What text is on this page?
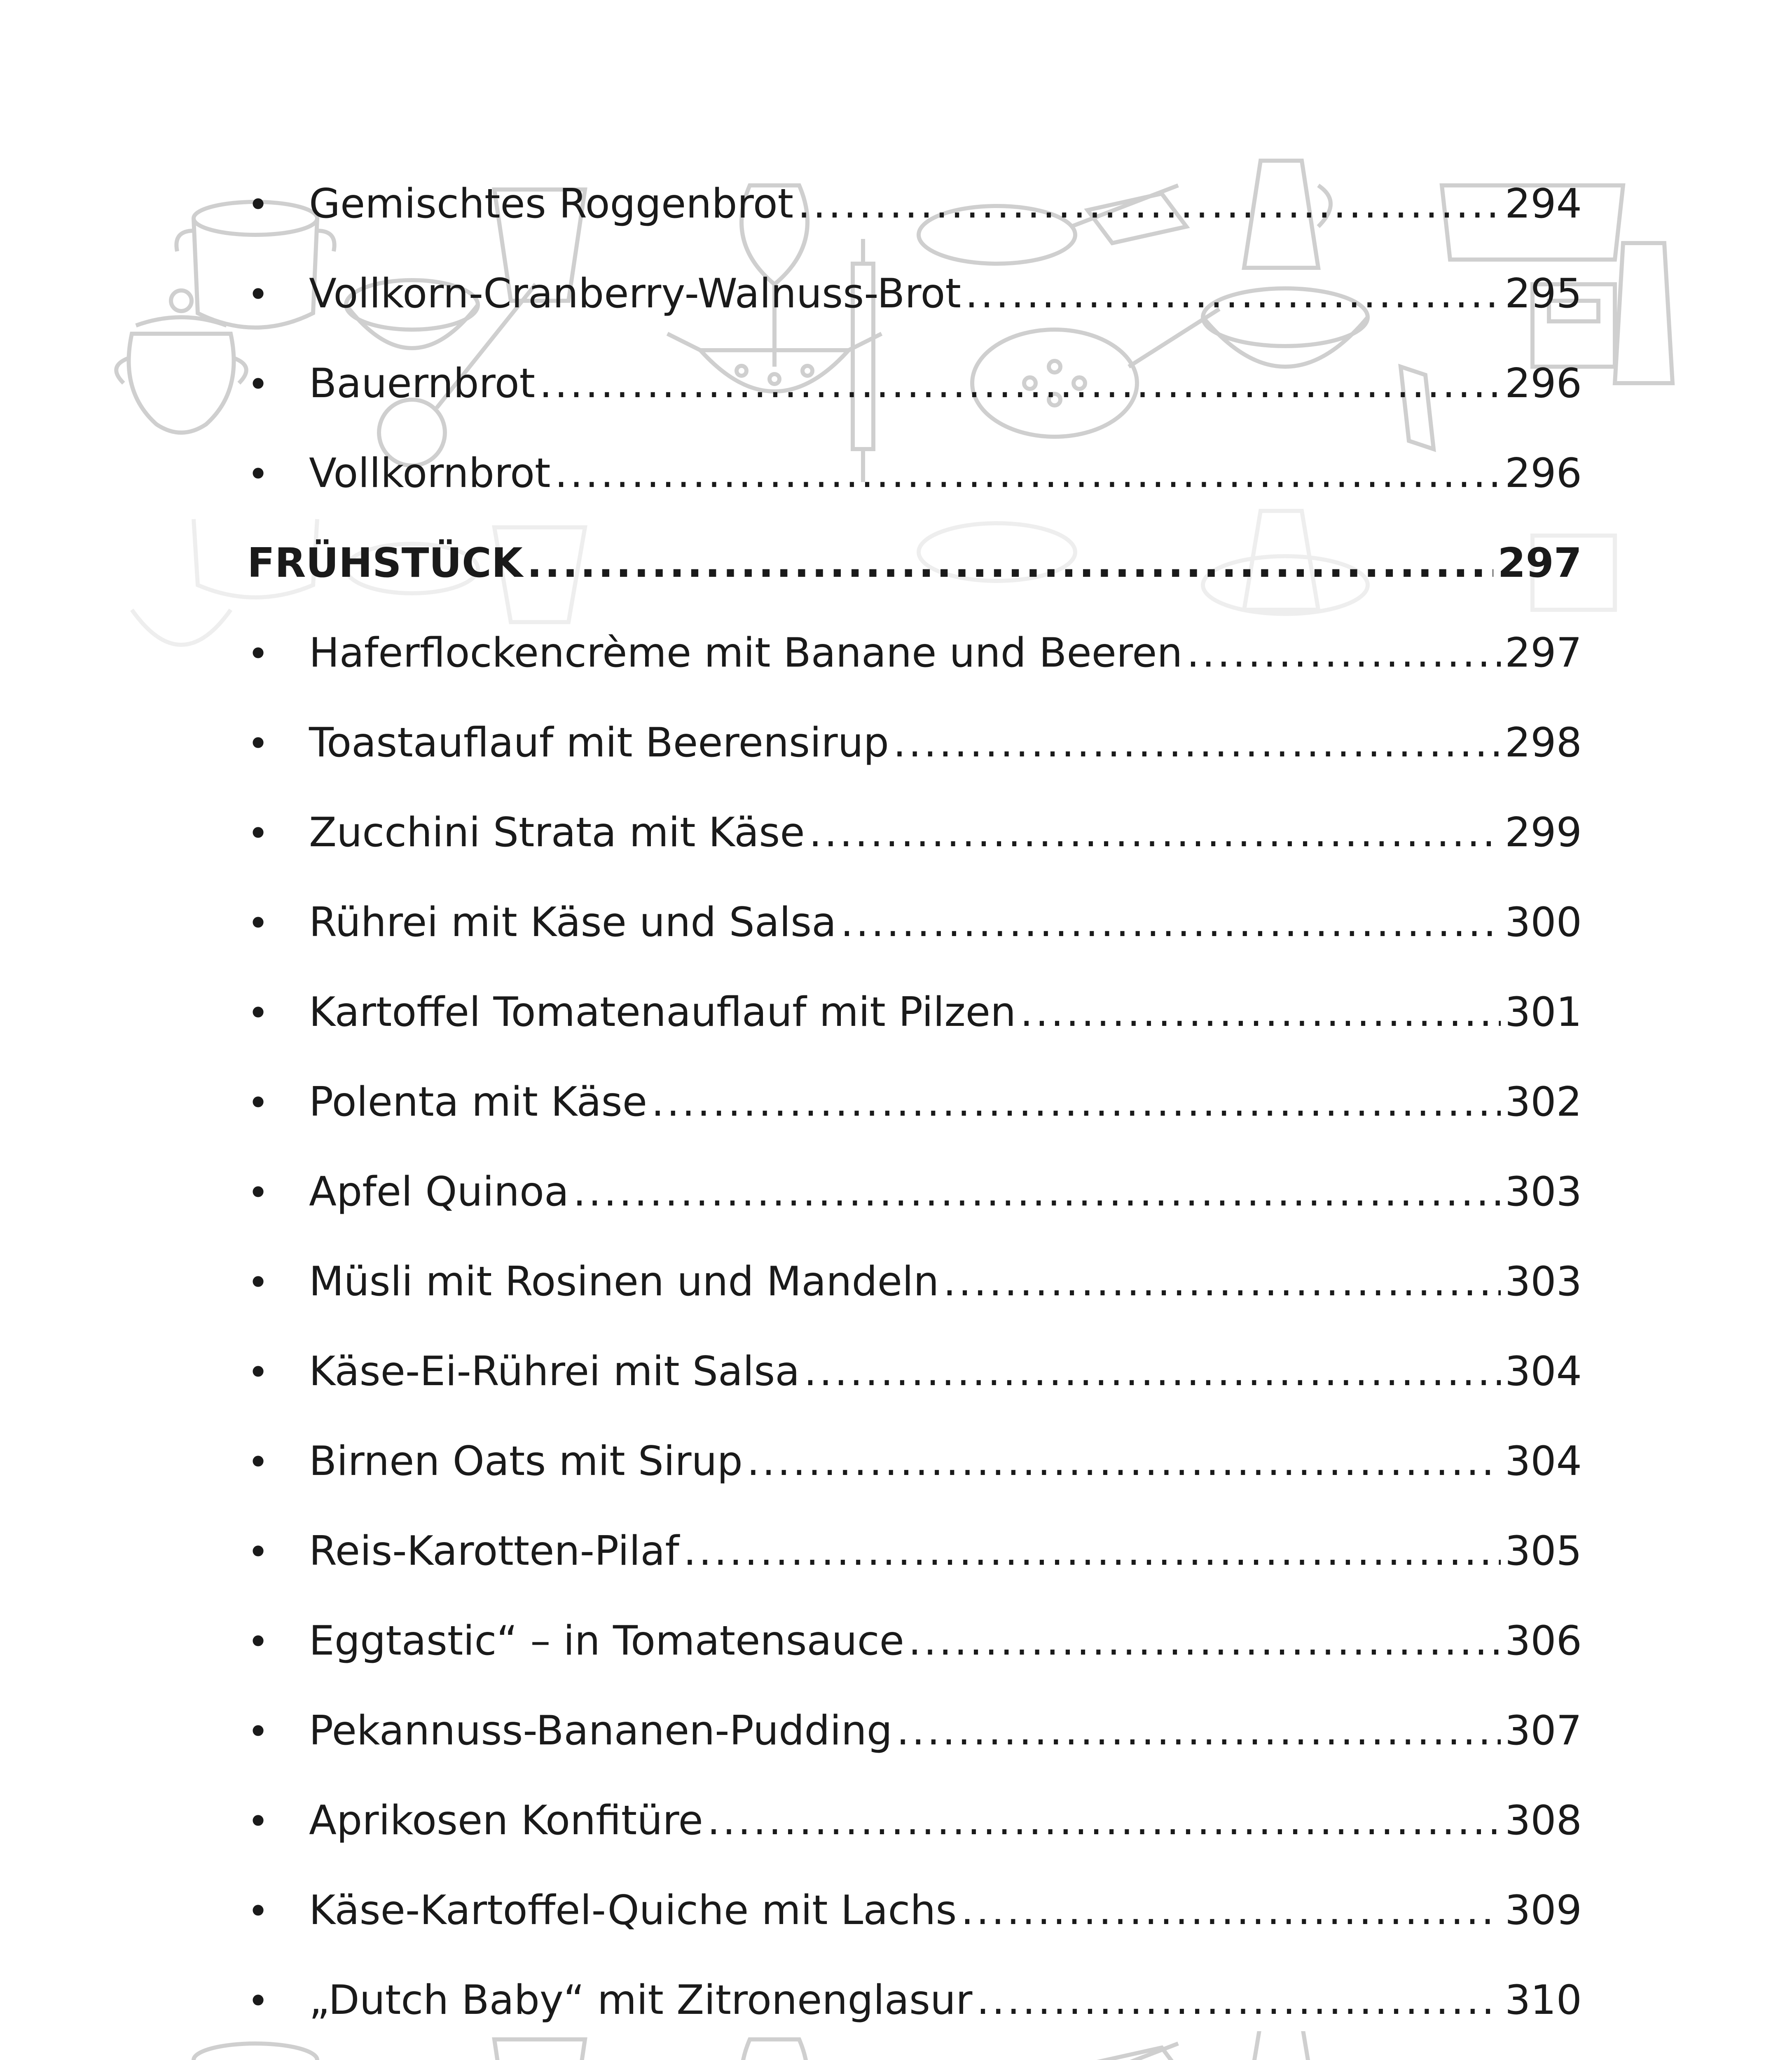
•
Gemischtes Roggenbrot .....	294
•
Vollkorn-Cranberry-Walnuss-Brot .....	295
•
Bauernbrot .....	296
•
Vollkornbrot .....	296
FRÜHSTÜCK .....	297
•
Haferflockencrème mit Banane und Beeren .....	297
•
Toastauflauf mit Beerensirup .....	298
•
Zucchini Strata mit Käse .....	299
•
Rührei mit Käse und Salsa .....	300
•
Kartoffel Tomatenauflauf mit Pilzen .....	301
•
Polenta mit Käse .....	302
•
Apfel Quinoa .....	303
•
Müsli mit Rosinen und Mandeln .....	303
•
Käse-Ei-Rührei mit Salsa .....	304
•
Birnen Oats mit Sirup .....	304
•
Reis-Karotten-Pilaf .....	305
•
Eggtastic“ – in Tomatensauce .....	306
•
Pekannuss-Bananen-Pudding .....	307
•
Aprikosen Konfitüre .....	308
•
Käse-Kartoffel-Quiche mit Lachs .....	309
•
„Dutch Baby“ mit Zitronenglasur .....	310
